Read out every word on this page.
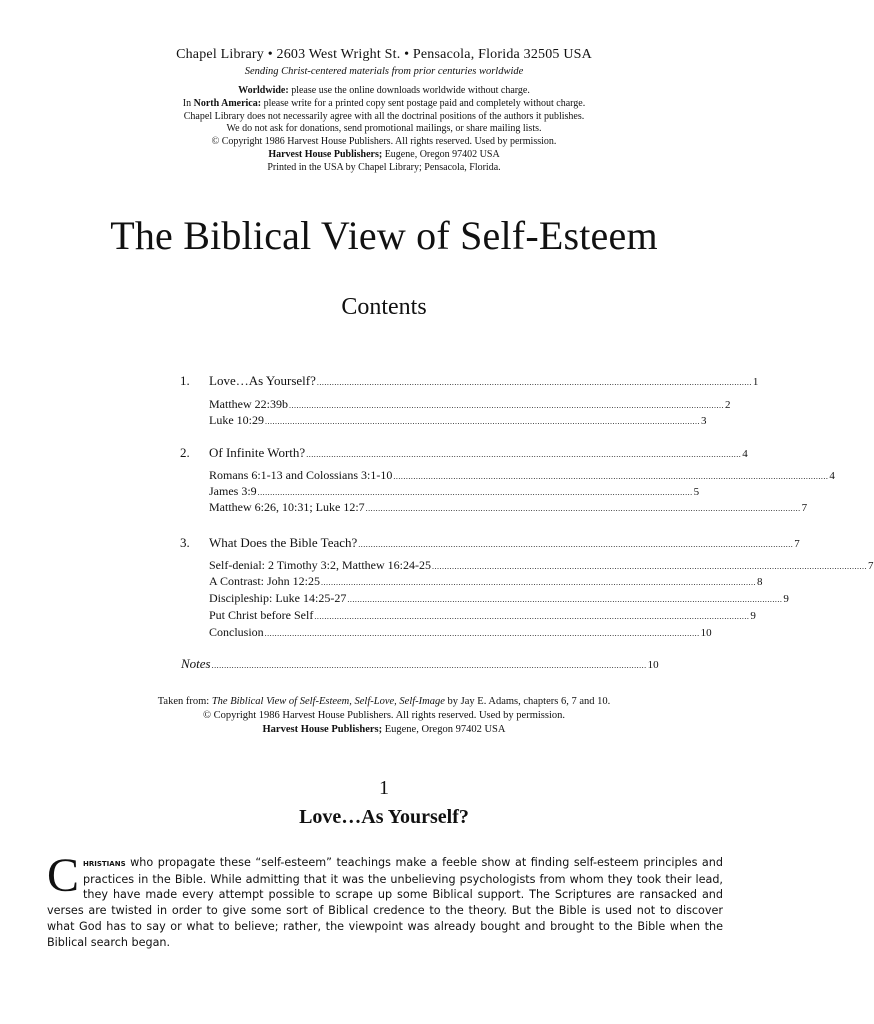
Chapel Library • 2603 West Wright St. • Pensacola, Florida 32505 USA
Sending Christ-centered materials from prior centuries worldwide
Worldwide: please use the online downloads worldwide without charge.
In North America: please write for a printed copy sent postage paid and completely without charge.
Chapel Library does not necessarily agree with all the doctrinal positions of the authors it publishes.
We do not ask for donations, send promotional mailings, or share mailing lists.
© Copyright 1986 Harvest House Publishers. All rights reserved. Used by permission.
Harvest House Publishers; Eugene, Oregon 97402 USA
Printed in the USA by Chapel Library; Pensacola, Florida.
The Biblical View of Self-Esteem
Contents
1.	Love…As Yourself? .............................................................................................................................................................................. 1
Matthew 22:39b .............................................................................................................................................................................. 2
Luke 10:29 .............................................................................................................................................................................. 3
2.	Of Infinite Worth? .............................................................................................................................................................................. 4
Romans 6:1-13 and Colossians 3:1-10 .............................................................................................................................................................................. 4
James 3:9 .............................................................................................................................................................................. 5
Matthew 6:26, 10:31; Luke 12:7 .............................................................................................................................................................................. 7
3.	What Does the Bible Teach? .............................................................................................................................................................................. 7
Self-denial: 2 Timothy 3:2, Matthew 16:24-25 .............................................................................................................................................................................. 7
A Contrast: John 12:25 .............................................................................................................................................................................. 8
Discipleship: Luke 14:25-27 .............................................................................................................................................................................. 9
Put Christ before Self .............................................................................................................................................................................. 9
Conclusion .............................................................................................................................................................................. 10
Notes .............................................................................................................................................................................. 10
Taken from: The Biblical View of Self-Esteem, Self-Love, Self-Image by Jay E. Adams, chapters 6, 7 and 10.
© Copyright 1986 Harvest House Publishers. All rights reserved. Used by permission.
Harvest House Publishers; Eugene, Oregon 97402 USA
1
Love…As Yourself?
Christians who propagate these “self-esteem” teachings make a feeble show at finding self-esteem principles and practices in the Bible. While admitting that it was the unbelieving psychologists from whom they took their lead, they have made every attempt possible to scrape up some Biblical support. The Scriptures are ransacked and verses are twisted in order to give some sort of Biblical credence to the theory. But the Bible is used not to discover what God has to say or what to believe; rather, the viewpoint was already bought and brought to the Bible when the Biblical search began.
